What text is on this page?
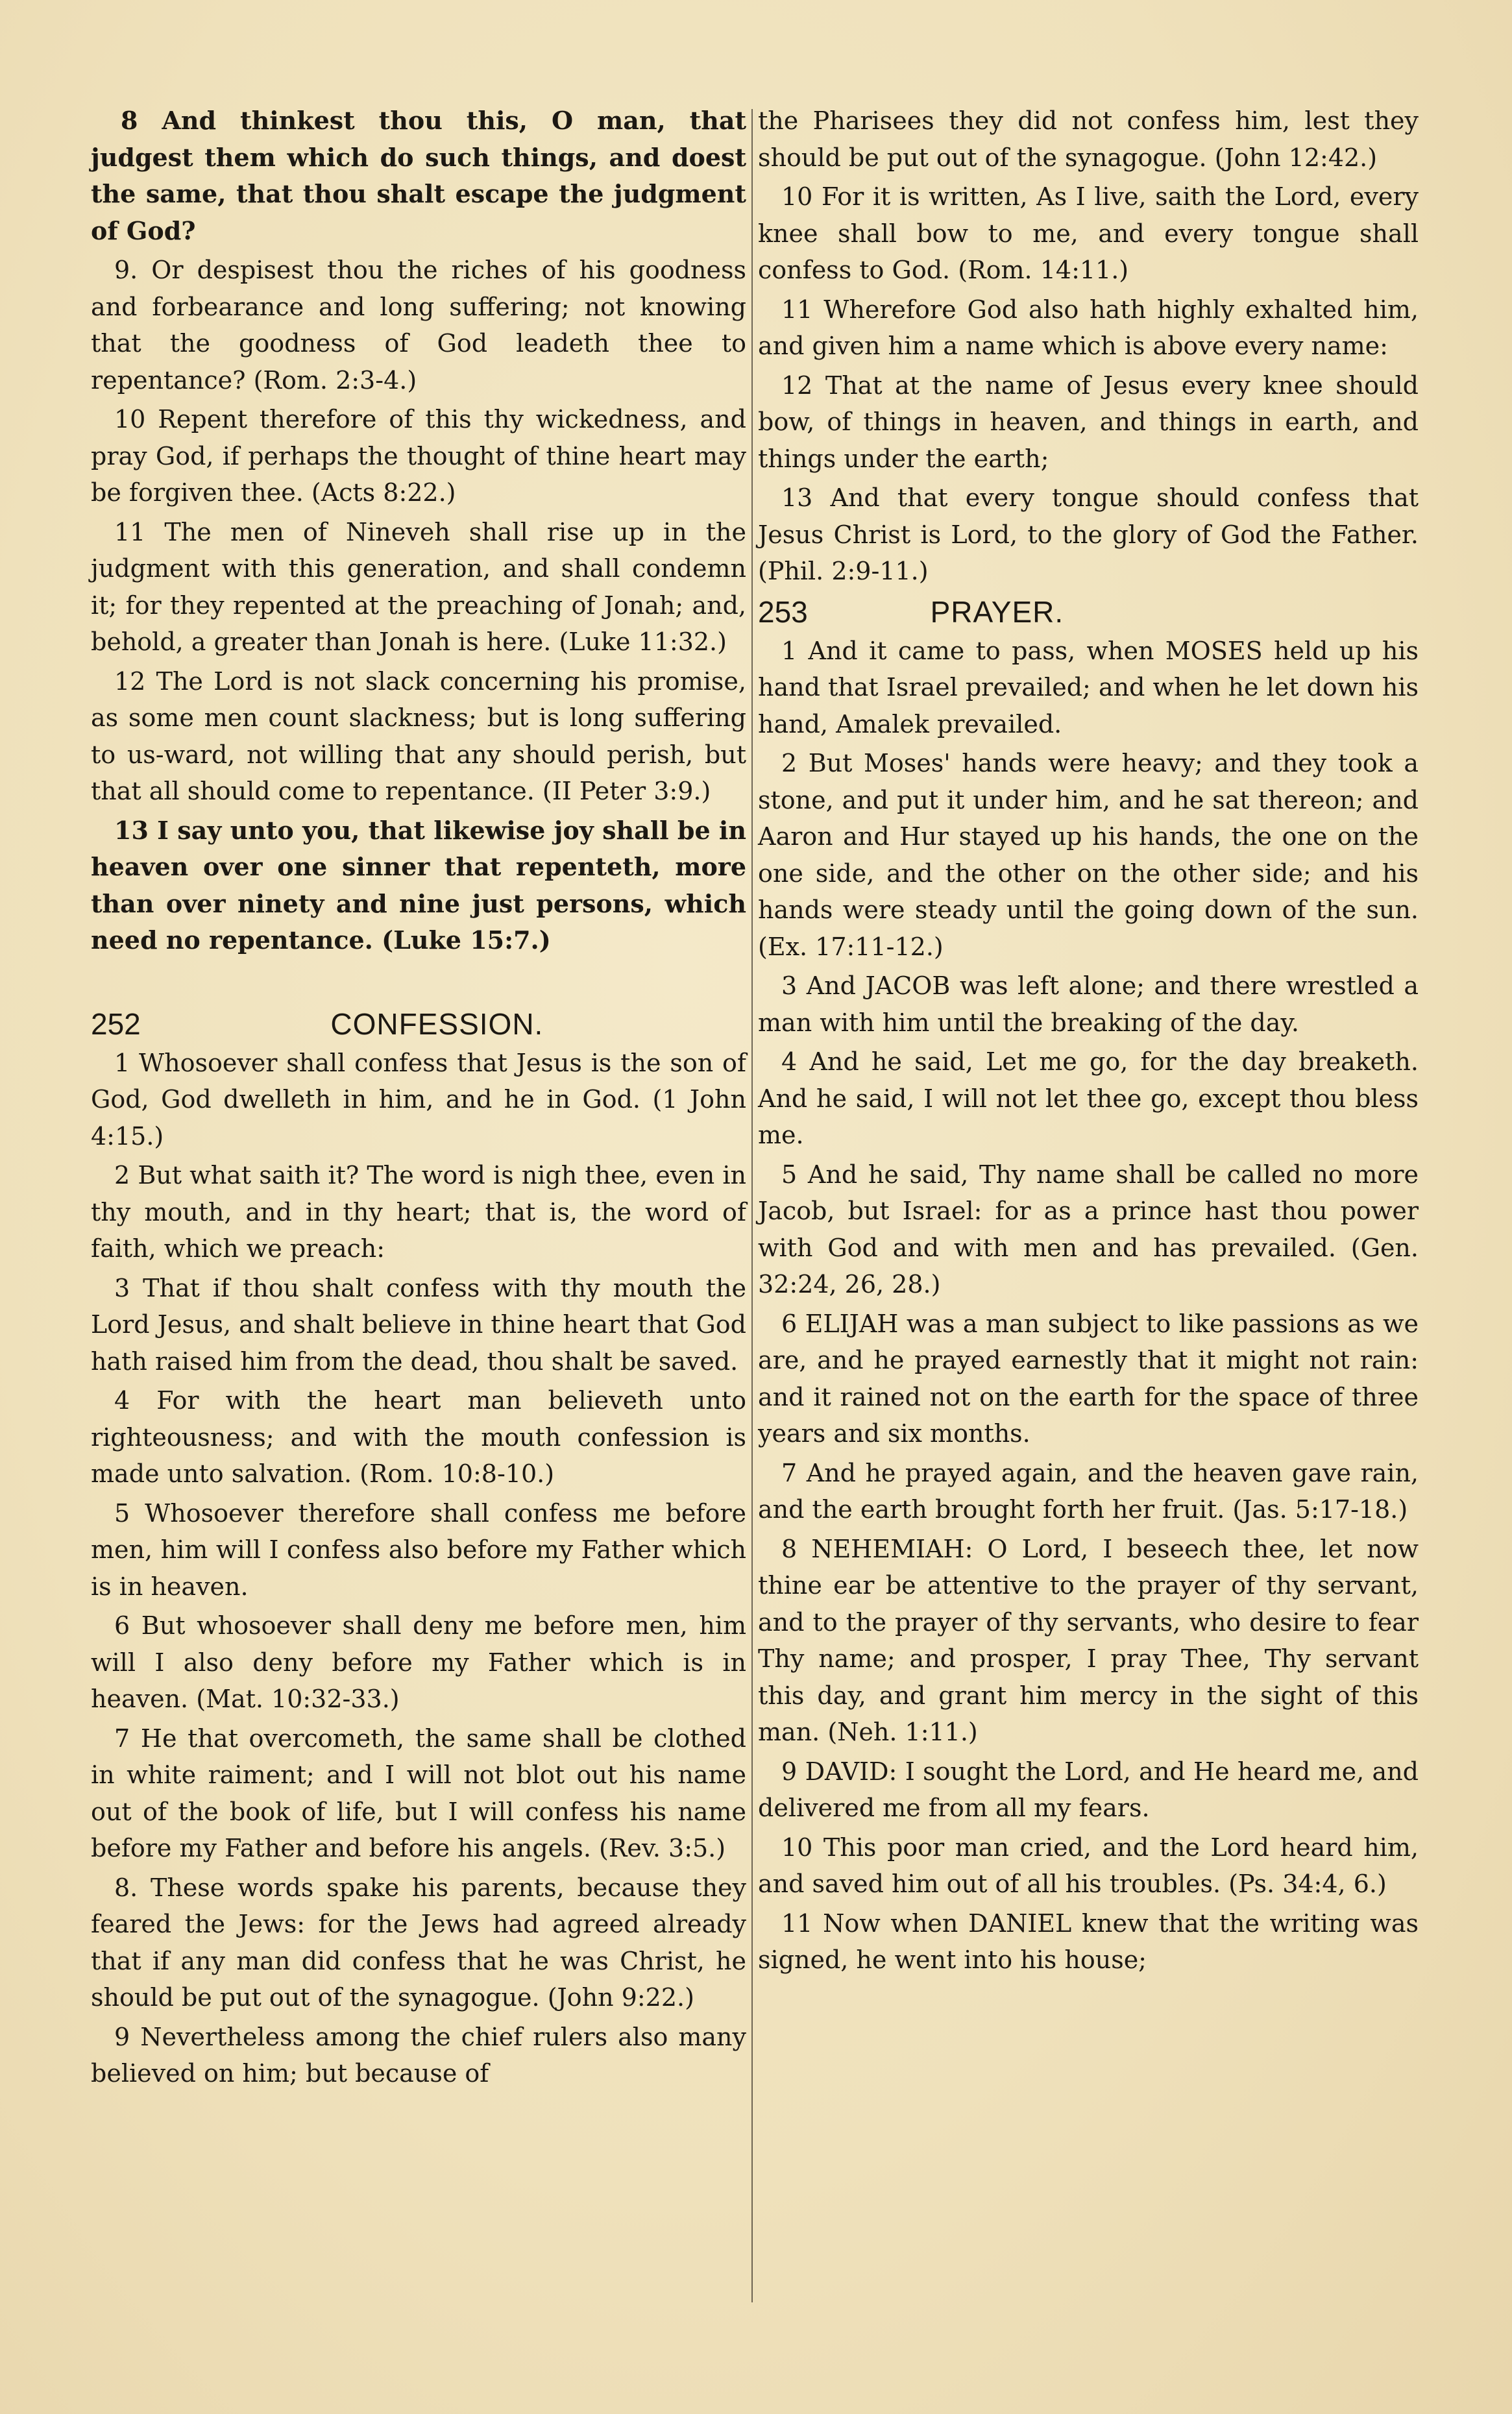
8 And thinkest thou this, O man, that judgest them which do such things, and doest the same, that thou shalt escape the judgment of God?

9. Or despisest thou the riches of his goodness and forbearance and long suffering; not knowing that the goodness of God leadeth thee to repentance? (Rom. 2:3-4.)

10 Repent therefore of this thy wickedness, and pray God, if perhaps the thought of thine heart may be forgiven thee. (Acts 8:22.)

11 The men of Nineveh shall rise up in the judgment with this generation, and shall condemn it; for they repented at the preaching of Jonah; and, behold, a greater than Jonah is here. (Luke 11:32.)

12 The Lord is not slack concerning his promise, as some men count slackness; but is long suffering to us-ward, not willing that any should perish, but that all should come to repentance. (II Peter 3:9.)

13 I say unto you, that likewise joy shall be in heaven over one sinner that repenteth, more than over ninety and nine just persons, which need no repentance. (Luke 15:7.)

252	CONFESSION.

1 Whosoever shall confess that Jesus is the son of God, God dwelleth in him, and he in God. (1 John 4:15.)

2 But what saith it? The word is nigh thee, even in thy mouth, and in thy heart; that is, the word of faith, which we preach:

3 That if thou shalt confess with thy mouth the Lord Jesus, and shalt believe in thine heart that God hath raised him from the dead, thou shalt be saved.

4 For with the heart man believeth unto righteousness; and with the mouth confession is made unto salvation. (Rom. 10:8-10.)

5 Whosoever therefore shall confess me before men, him will I confess also before my Father which is in heaven.

6 But whosoever shall deny me before men, him will I also deny before my Father which is in heaven. (Mat. 10:32-33.)

7 He that overcometh, the same shall be clothed in white raiment; and I will not blot out his name out of the book of life, but I will confess his name before my Father and before his angels. (Rev. 3:5.)

8. These words spake his parents, because they feared the Jews: for the Jews had agreed already that if any man did confess that he was Christ, he should be put out of the synagogue. (John 9:22.)

9 Nevertheless among the chief rulers also many believed on him; but because of

the Pharisees they did not confess him, lest they should be put out of the synagogue. (John 12:42.)

10 For it is written, As I live, saith the Lord, every knee shall bow to me, and every tongue shall confess to God. (Rom. 14:11.)

11 Wherefore God also hath highly exhalted him, and given him a name which is above every name:

12 That at the name of Jesus every knee should bow, of things in heaven, and things in earth, and things under the earth;

13 And that every tongue should confess that Jesus Christ is Lord, to the glory of God the Father. (Phil. 2:9-11.)

253	PRAYER.

1 And it came to pass, when MOSES held up his hand that Israel prevailed; and when he let down his hand, Amalek prevailed.

2 But Moses' hands were heavy; and they took a stone, and put it under him, and he sat thereon; and Aaron and Hur stayed up his hands, the one on the one side, and the other on the other side; and his hands were steady until the going down of the sun. (Ex. 17:11-12.)

3 And JACOB was left alone; and there wrestled a man with him until the breaking of the day.

4 And he said, Let me go, for the day breaketh. And he said, I will not let thee go, except thou bless me.

5 And he said, Thy name shall be called no more Jacob, but Israel: for as a prince hast thou power with God and with men and has prevailed. (Gen. 32:24, 26, 28.)

6 ELIJAH was a man subject to like passions as we are, and he prayed earnestly that it might not rain: and it rained not on the earth for the space of three years and six months.

7 And he prayed again, and the heaven gave rain, and the earth brought forth her fruit. (Jas. 5:17-18.)

8 NEHEMIAH: O Lord, I beseech thee, let now thine ear be attentive to the prayer of thy servant, and to the prayer of thy servants, who desire to fear Thy name; and prosper, I pray Thee, Thy servant this day, and grant him mercy in the sight of this man. (Neh. 1:11.)

9 DAVID: I sought the Lord, and He heard me, and delivered me from all my fears.

10 This poor man cried, and the Lord heard him, and saved him out of all his troubles. (Ps. 34:4, 6.)

11 Now when DANIEL knew that the writing was signed, he went into his house;
